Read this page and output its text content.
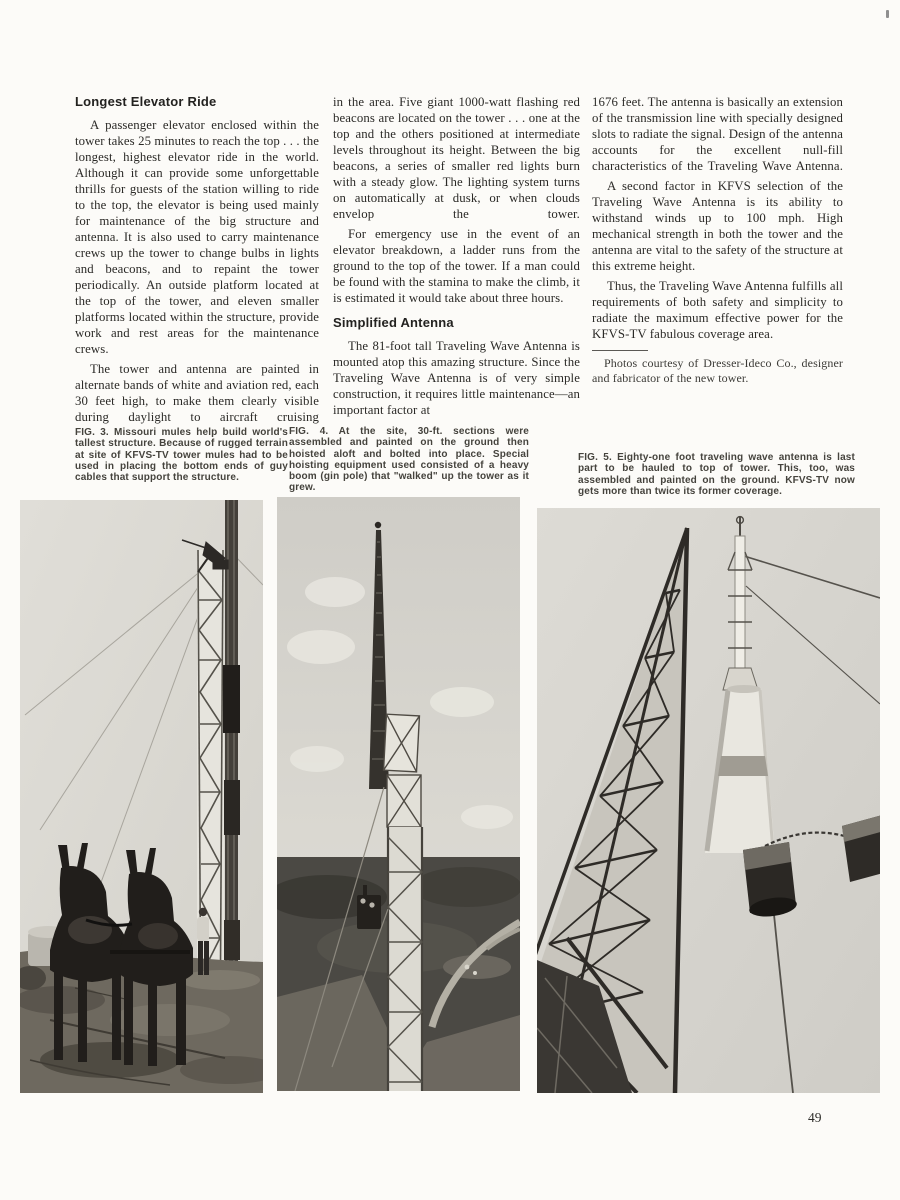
Longest Elevator Ride

A passenger elevator enclosed within the tower takes 25 minutes to reach the top . . . the longest, highest elevator ride in the world. Although it can provide some unforgettable thrills for guests of the station willing to ride to the top, the elevator is being used mainly for maintenance of the big structure and antenna. It is also used to carry maintenance crews up the tower to change bulbs in lights and beacons, and to repaint the tower periodically. An outside platform located at the top of the tower, and eleven smaller platforms located within the structure, provide work and rest areas for the maintenance crews.

The tower and antenna are painted in alternate bands of white and aviation red, each 30 feet high, to make them clearly visible during daylight to aircraft cruising

in the area. Five giant 1000-watt flashing red beacons are located on the tower . . . one at the top and the others positioned at intermediate levels throughout its height. Between the big beacons, a series of smaller red lights burn with a steady glow. The lighting system turns on automatically at dusk, or when clouds envelop the tower.

For emergency use in the event of an elevator breakdown, a ladder runs from the ground to the top of the tower. If a man could be found with the stamina to make the climb, it is estimated it would take about three hours.

Simplified Antenna

The 81-foot tall Traveling Wave Antenna is mounted atop this amazing structure. Since the Traveling Wave Antenna is of very simple construction, it requires little maintenance—an important factor at

1676 feet. The antenna is basically an extension of the transmission line with specially designed slots to radiate the signal. Design of the antenna accounts for the excellent null-fill characteristics of the Traveling Wave Antenna.

A second factor in KFVS selection of the Traveling Wave Antenna is its ability to withstand winds up to 100 mph. High mechanical strength in both the tower and the antenna are vital to the safety of the structure at this extreme height.

Thus, the Traveling Wave Antenna fulfills all requirements of both safety and simplicity to radiate the maximum effective power for the KFVS-TV fabulous coverage area.

Photos courtesy of Dresser-Ideco Co., designer and fabricator of the new tower.

FIG. 3. Missouri mules help build world's tallest structure. Because of rugged terrain at site of KFVS-TV tower mules had to be used in placing the bottom ends of guy cables that support the structure.
FIG. 4. At the site, 30-ft. sections were assembled and painted on the ground then hoisted aloft and bolted into place. Special hoisting equipment used consisted of a heavy boom (gin pole) that "walked" up the tower as it grew.
FIG. 5. Eighty-one foot traveling wave antenna is last part to be hauled to top of tower. This, too, was assembled and painted on the ground. KFVS-TV now gets more than twice its former coverage.
49
